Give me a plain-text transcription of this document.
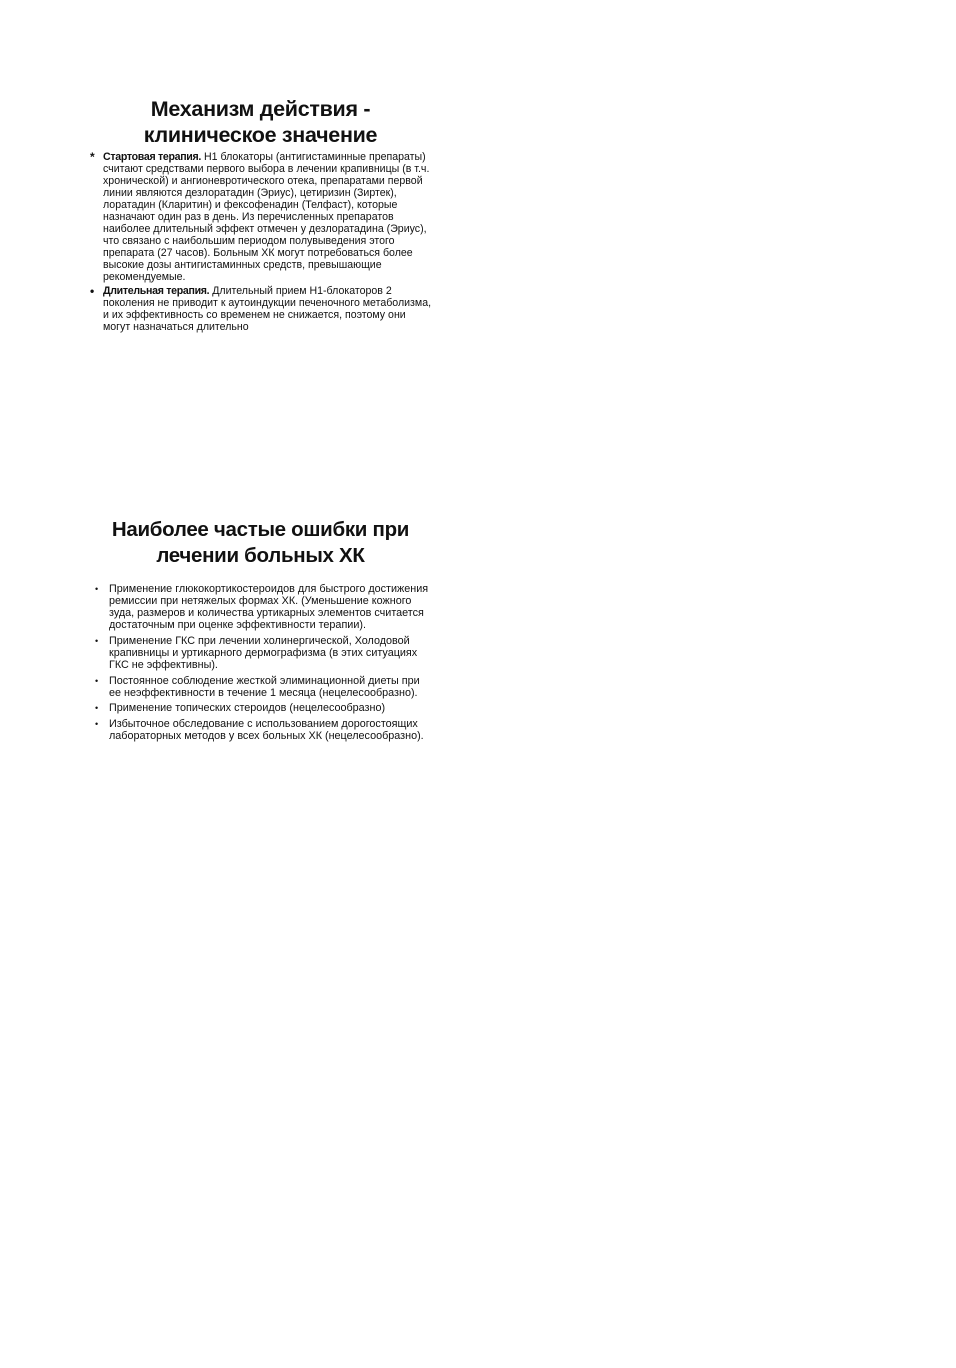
Механизм действия -
клиническое значение
* Стартовая терапия. Н1 блокаторы (антигистаминные препараты) считают средствами первого выбора в лечении крапивницы (в т.ч. хронической) и ангионевротического отека, препаратами первой линии являются дезлоратадин (Эриус), цетиризин (Зиртек), лоратадин (Кларитин) и фексофенадин (Телфаст), которые назначают один раз в день. Из перечисленных препаратов наиболее длительный эффект отмечен у дезлоратадина (Эриус), что связано с наибольшим периодом полувыведения этого препарата (27 часов). Больным ХК могут потребоваться более высокие дозы антигистаминных средств, превышающие рекомендуемые.
• Длительная терапия. Длительный прием Н1-блокаторов 2 поколения не приводит к аутоиндукции печеночного метаболизма, и их эффективность со временем не снижается, поэтому они могут назначаться длительно
Наиболее частые ошибки при
лечении больных ХК
• Применение глюкокортикостероидов для быстрого достижения ремиссии при нетяжелых формах ХК. (Уменьшение кожного зуда, размеров и количества уртикарных элементов считается достаточным при оценке эффективности терапии).
• Применение ГКС при лечении холинергической, Холодовой крапивницы и уртикарного дермографизма (в этих ситуациях ГКС не эффективны).
• Постоянное соблюдение жесткой элиминационной диеты при ее неэффективности в течение 1 месяца (нецелесообразно).
• Применение топических стероидов (нецелесообразно)
• Избыточное обследование с использованием дорогостоящих лабораторных методов у всех больных ХК (нецелесообразно).
